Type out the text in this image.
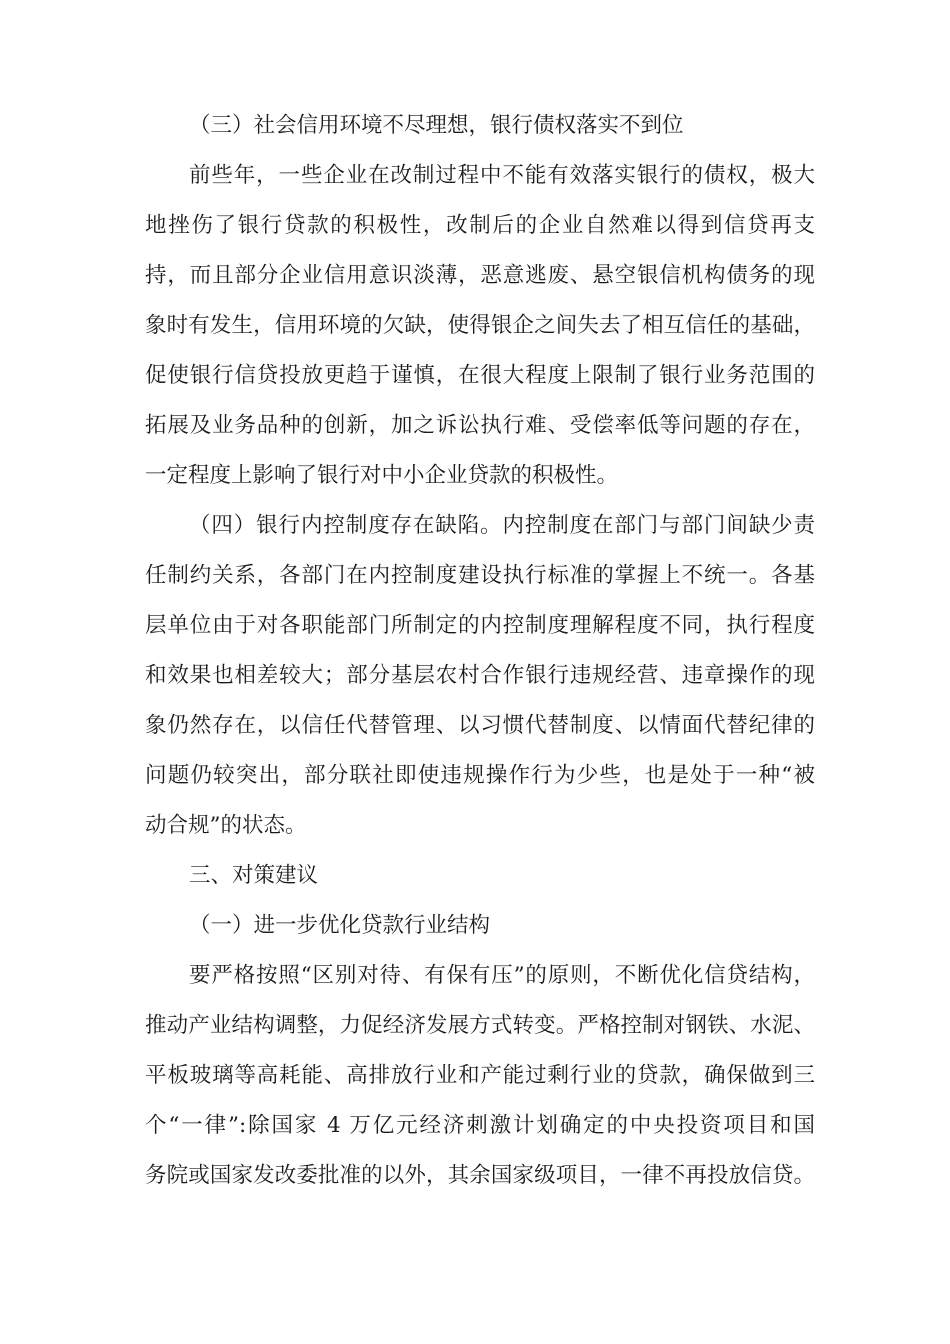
（三）社会信用环境不尽理想，银行债权落实不到位
前些年，一些企业在改制过程中不能有效落实银行的债权，极大
地挫伤了银行贷款的积极性，改制后的企业自然难以得到信贷再支
持，而且部分企业信用意识淡薄，恶意逃废、悬空银信机构债务的现
象时有发生，信用环境的欠缺，使得银企之间失去了相互信任的基础，
促使银行信贷投放更趋于谨慎，在很大程度上限制了银行业务范围的
拓展及业务品种的创新，加之诉讼执行难、受偿率低等问题的存在，
一定程度上影响了银行对中小企业贷款的积极性。
（四）银行内控制度存在缺陷。内控制度在部门与部门间缺少责
任制约关系，各部门在内控制度建设执行标准的掌握上不统一。各基
层单位由于对各职能部门所制定的内控制度理解程度不同，执行程度
和效果也相差较大；部分基层农村合作银行违规经营、违章操作的现
象仍然存在，以信任代替管理、以习惯代替制度、以情面代替纪律的
问题仍较突出，部分联社即使违规操作行为少些，也是处于一种“被
动合规”的状态。
三、对策建议
（一）进一步优化贷款行业结构
要严格按照“区别对待、有保有压”的原则，不断优化信贷结构，
推动产业结构调整，力促经济发展方式转变。严格控制对钢铁、水泥、
平板玻璃等高耗能、高排放行业和产能过剩行业的贷款，确保做到三
个“一律”:除国家 4 万亿元经济刺激计划确定的中央投资项目和国
务院或国家发改委批准的以外，其余国家级项目，一律不再投放信贷。
